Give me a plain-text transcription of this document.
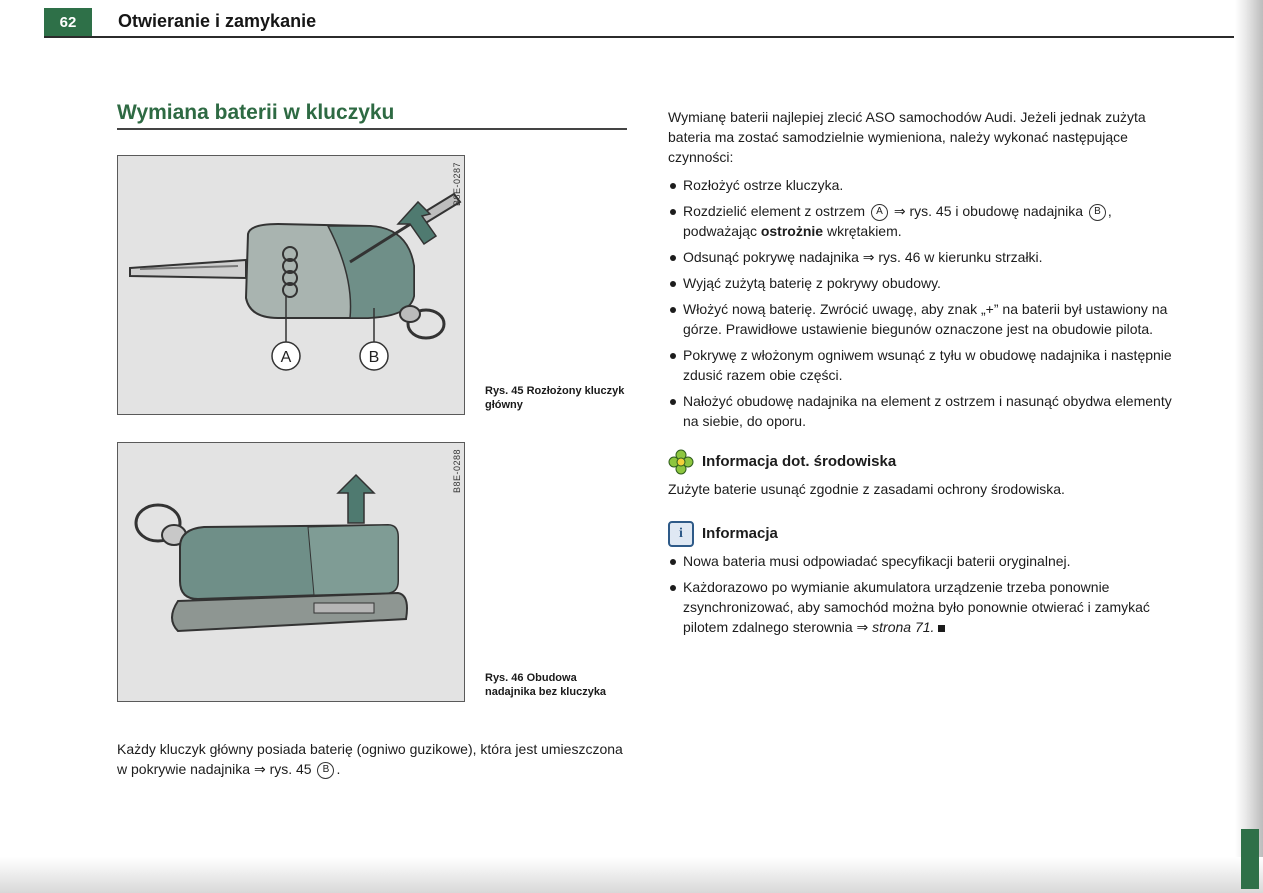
62	Otwieranie i zamykanie
Wymiana baterii w kluczyku
A	B
B8E-0287
Rys. 45 Rozłożony kluczyk główny
B8E-0288
Rys. 46 Obudowa nadajnika bez kluczyka

Każdy kluczyk główny posiada baterię (ogniwo guzikowe), która jest umieszczona w pokrywie nadajnika ⇒ rys. 45 B .

Wymianę baterii najlepiej zlecić ASO samochodów Audi. Jeżeli jednak zużyta bateria ma zostać samodzielnie wymieniona, należy wykonać następujące czynności:

Rozłożyć ostrze kluczyka.
Rozdzielić element z ostrzem A ⇒ rys. 45 i obudowę nadajnika B , podważając ostrożnie wkrętakiem.
Odsunąć pokrywę nadajnika ⇒ rys. 46 w kierunku strzałki.
Wyjąć zużytą baterię z pokrywy obudowy.
Włożyć nową baterię. Zwrócić uwagę, aby znak „+” na baterii był ustawiony na górze. Prawidłowe ustawienie biegunów oznaczone jest na obudowie pilota.
Pokrywę z włożonym ogniwem wsunąć z tyłu w obudowę nadajnika i następnie zdusić razem obie części.
Nałożyć obudowę nadajnika na element z ostrzem i nasunąć obydwa elementy na siebie, do oporu.
Informacja dot. środowiska

Zużyte baterie usunąć zgodnie z zasadami ochrony środowiska.

i	Informacja
Nowa bateria musi odpowiadać specyfikacji baterii oryginalnej.
Każdorazowo po wymianie akumulatora urządzenie trzeba ponownie zsynchronizować, aby samochód można było ponownie otwierać i zamykać pilotem zdalnego sterownia ⇒ strona 71.
